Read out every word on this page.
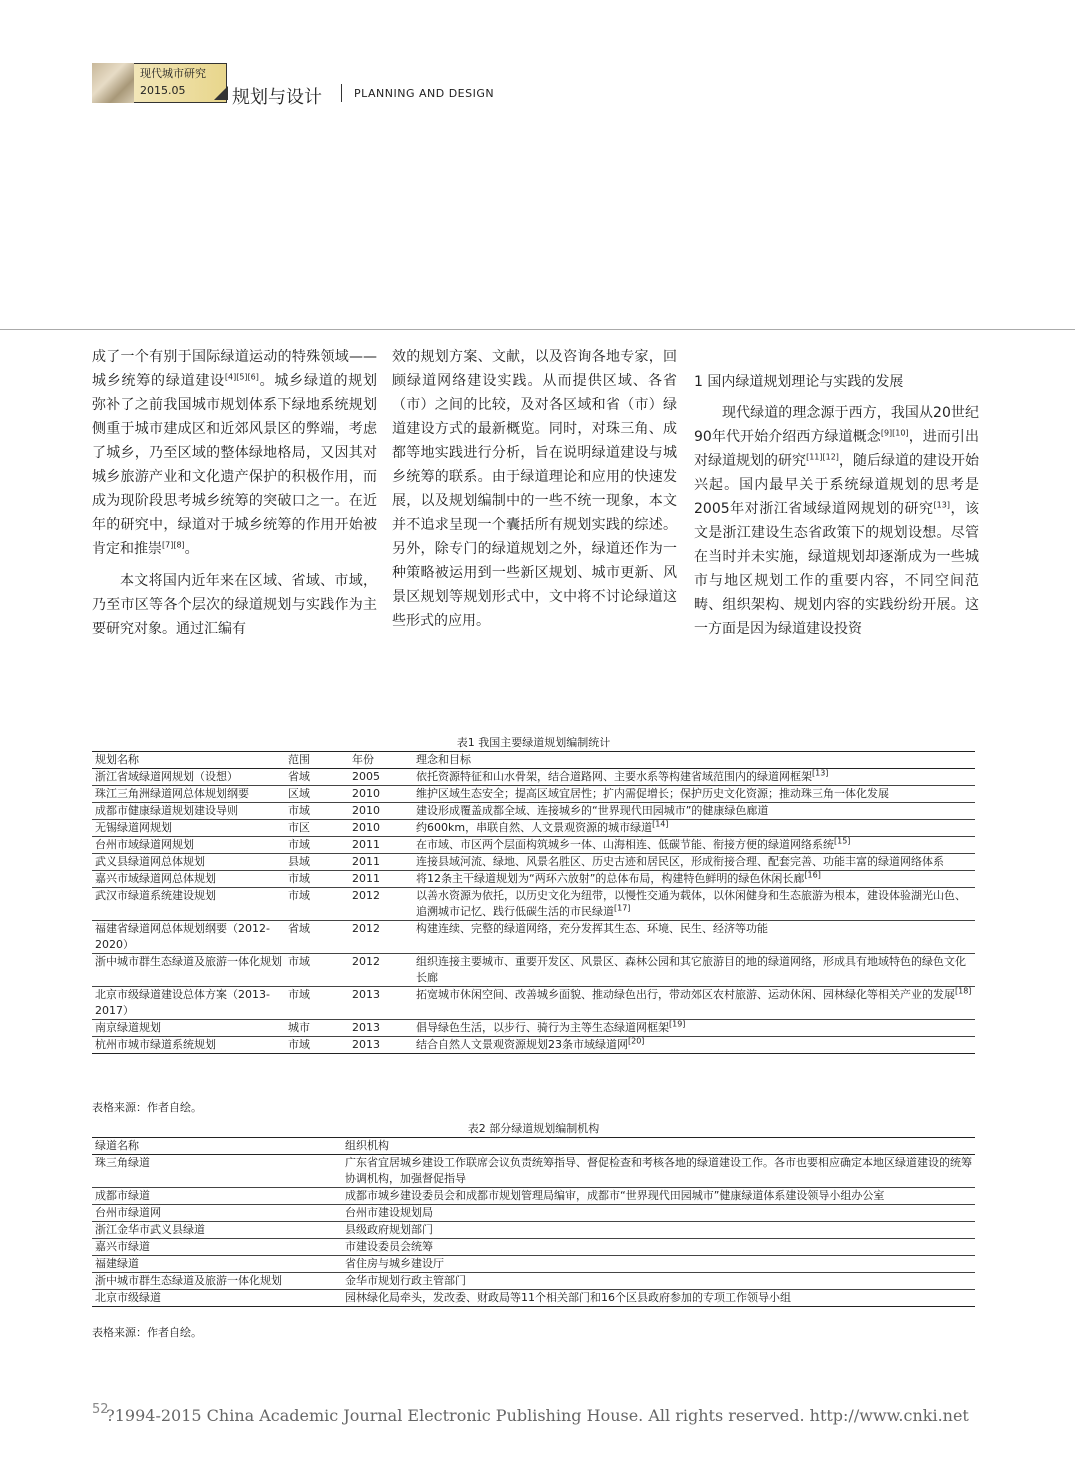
现代城市研究
2015.05	规划与设计	PLANNING AND DESIGN

成了一个有别于国际绿道运动的特殊领域——城乡统筹的绿道建设[4][5][6]。城乡绿道的规划弥补了之前我国城市规划体系下绿地系统规划侧重于城市建成区和近郊风景区的弊端，考虑了城乡，乃至区域的整体绿地格局，又因其对城乡旅游产业和文化遗产保护的积极作用，而成为现阶段思考城乡统筹的突破口之一。在近年的研究中，绿道对于城乡统筹的作用开始被肯定和推崇[7][8]。

本文将国内近年来在区域、省域、市域，乃至市区等各个层次的绿道规划与实践作为主要研究对象。通过汇编有

效的规划方案、文献，以及咨询各地专家，回顾绿道网络建设实践。从而提供区域、各省（市）之间的比较，及对各区域和省（市）绿道建设方式的最新概览。同时，对珠三角、成都等地实践进行分析，旨在说明绿道建设与城乡统筹的联系。由于绿道理论和应用的快速发展，以及规划编制中的一些不统一现象，本文并不追求呈现一个囊括所有规划实践的综述。另外，除专门的绿道规划之外，绿道还作为一种策略被运用到一些新区规划、城市更新、风景区规划等规划形式中，文中将不讨论绿道这些形式的应用。

1 国内绿道规划理论与实践的发展

现代绿道的理念源于西方，我国从20世纪90年代开始介绍西方绿道概念[9][10]，进而引出对绿道规划的研究[11][12]，随后绿道的建设开始兴起。国内最早关于系统绿道规划的思考是2005年对浙江省域绿道网规划的研究[13]，该文是浙江建设生态省政策下的规划设想。尽管在当时并未实施，绿道规划却逐渐成为一些城市与地区规划工作的重要内容，不同空间范畴、组织架构、规划内容的实践纷纷开展。这一方面是因为绿道建设投资

表1 我国主要绿道规划编制统计
规划名称	范围	年份	理念和目标
浙江省域绿道网规划（设想）	省域	2005	依托资源特征和山水骨架，结合道路网、主要水系等构建省域范围内的绿道网框架[13]
珠江三角洲绿道网总体规划纲要	区域	2010	维护区域生态安全；提高区域宜居性；扩内需促增长；保护历史文化资源；推动珠三角一体化发展
成都市健康绿道规划建设导则	市域	2010	建设形成覆盖成都全域、连接城乡的“世界现代田园城市”的健康绿色廊道
无锡绿道网规划	市区	2010	约600km，串联自然、人文景观资源的城市绿道[14]
台州市域绿道网规划	市域	2011	在市域、市区两个层面构筑城乡一体、山海相连、低碳节能、衔接方便的绿道网络系统[15]
武义县绿道网总体规划	县域	2011	连接县域河流、绿地、风景名胜区、历史古迹和居民区，形成衔接合理、配套完善、功能丰富的绿道网络体系
嘉兴市域绿道网总体规划	市域	2011	将12条主干绿道规划为“两环六放射”的总体布局，构建特色鲜明的绿色休闲长廊[16]
武汉市绿道系统建设规划	市域	2012	以善水资源为依托，以历史文化为纽带，以慢性交通为载体，以休闲健身和生态旅游为根本，建设体验湖光山色、追溯城市记忆、践行低碳生活的市民绿道[17]
福建省绿道网总体规划纲要（2012-2020）	省域	2012	构建连续、完整的绿道网络，充分发挥其生态、环境、民生、经济等功能
浙中城市群生态绿道及旅游一体化规划	市域	2012	组织连接主要城市、重要开发区、风景区、森林公园和其它旅游目的地的绿道网络，形成具有地域特色的绿色文化长廊
北京市级绿道建设总体方案（2013-2017）	市域	2013	拓宽城市休闲空间、改善城乡面貌、推动绿色出行，带动郊区农村旅游、运动休闲、园林绿化等相关产业的发展[18]
南京绿道规划	城市	2013	倡导绿色生活，以步行、骑行为主等生态绿道网框架[19]
杭州市城市绿道系统规划	市域	2013	结合自然人文景观资源规划23条市域绿道网[20]
表格来源：作者自绘。
表2 部分绿道规划编制机构
绿道名称	组织机构
珠三角绿道	广东省宜居城乡建设工作联席会议负责统筹指导、督促检查和考核各地的绿道建设工作。各市也要相应确定本地区绿道建设的统筹协调机构，加强督促指导
成都市绿道	成都市城乡建设委员会和成都市规划管理局编审，成都市“世界现代田园城市”健康绿道体系建设领导小组办公室
台州市绿道网	台州市建设规划局
浙江金华市武义县绿道	县级政府规划部门
嘉兴市绿道	市建设委员会统筹
福建绿道	省住房与城乡建设厅
浙中城市群生态绿道及旅游一体化规划	金华市规划行政主管部门
北京市级绿道	园林绿化局牵头，发改委、财政局等11个相关部门和16个区县政府参加的专项工作领导小组
表格来源：作者自绘。
?1994-2015 China Academic Journal Electronic Publishing House. All rights reserved. http://www.cnki.net
52
